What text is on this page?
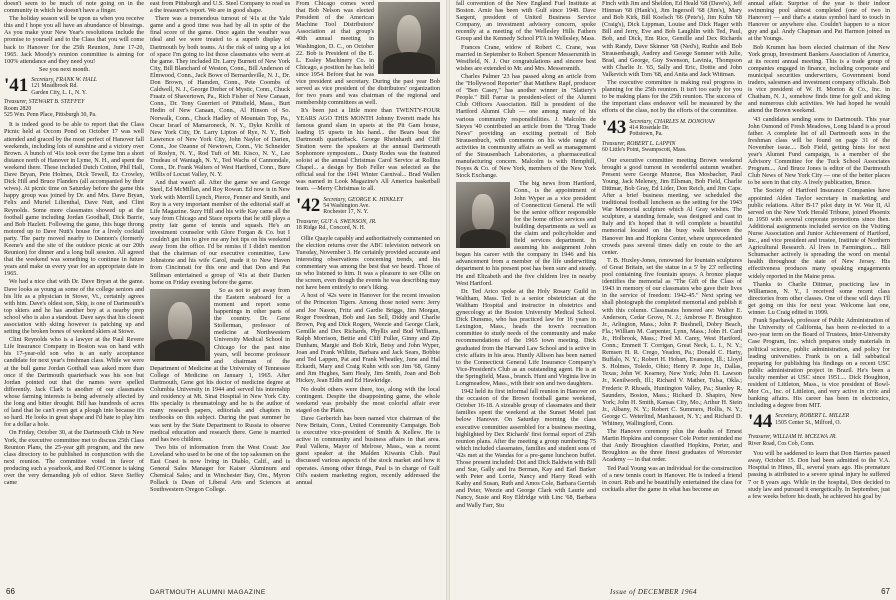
doesn't seem to be much of note going on in the community in which he doesn't have a finger.

The holiday season will be upon us when you receive this and I hope you all have an abundance of blessings. As you make your New Year's resolutions include the promise to yourself and to the Class that you will come back to Hanover for the 25th Reunion, June 17-20, 1965. Jack Moody's reunion committee is aiming for 100% attendance and they need you!

See you next month.

'41 Secretary, FRANK W. HALL
121 Meadbrook Rd.
Garden City, L. I., N. Y.
Treasurer, STEWART B. STEFFEY
Room 2820
525 Wm. Penn Place, Pittsburgh 30, Pa.

It is indeed good to be able to report that the Class Picnic held at Occom Pond on October 17 was well attended and graced by the most perfect of Hanover fall weekends, including lots of sunshine and a victory over Brown. A bunch of '41s took over the Lyme Inn a short distance north of Hanover in Lyme, N. H., and spent the weekend there. These included Dutch Cotton, Phil Hall, Dave Bryan, Pete Holmes, Dick Tewell, Ez Crowley, Dick Hill and Bruce Flanders (all accompanied by their wives). At picnic time on Saturday before the game this happy group was joined by Dr. and Mrs. Dave Bryan, Felix and Muriel Lilienthal, Dave Nutt, and Clint Reynolds. Some more classmates showed up at the football game including Jordan Goodhall, Dick Barrie, and Bob Hazlett. Following the game, this huge throng motored up to Dave Nutt's house for a lively cocktail party. The party moved nearby to Dannon's (formerly Keene's and the site of the outdoor picnic at our 20th Reunion) for dinner and a long bull session. All agreed that the weekend was something to continue in future years and make us every year for an appropriate date in 1965.

We had a nice chat with Dr. Dave Bryan at the game. Dave looks as young as some of the college seniors and his life as a physician in Stowe, Vt., certainly agrees with him. Dave's oldest son, Skip, is one of Dartmouth's top skiers and he has another boy at a nearby prep school who is also a standout. Dave says that his closest association with skiing however is patching up and setting the broken bones of weekend skiers at Stowe.

Clint Reynolds who is a lawyer at the Paul Revere Life Insurance Company in Boston was on hand with his 17-year-old son who is an early acceptance candidate for next year's freshman class. While we were at the bull game Jordan Gotthall was asked more than once if the Dartmouth quarterback was his son but Jordan pointed out that the names were spelled differently. Jack Clark is another of our classmates whose farming interests is being adversely affected by the long and bitter drought. Bill has hundreds of acres of land that he can't even get a plough into because it's so hard. He looks in great shape and I'd hate to play him for a dollar a hole.

On Friday, October 30, at the Dartmouth Club in New York, the executive committee met to discuss 25th Class Reunion Plans, the 25-year gift program, and the new class directory to be published in conjunction with the next reunion. The committee voted in favor of producing such a yearbook, and Red O'Connor is taking over the very demanding job of editor. Steve Steffey came

east from Pittsburgh and U.S. Steel Company to read us a the treasurer's report. We are in good shape.

There was a tremendous turnout of '41s at the Yale game and a good time was had by all in spite of the final score of the game. Once again the weather was ideal and we were treated to a superb display of Dartmouth by both teams. At the risk of using up a lot of space I'm going to list those classmates who were at the game. They included Dr. Larry Burnett of New York City, Bill Blanchard of Weston, Conn., Bill Anderson of Elmwood, Conn., Jack Bowe of Bernardsville, N. J., Dr. Don Brown, of Hamden, Conn., Pete Coombs of Caldwell, N. J., George Dreher of Mystic, Conn., Chuck Fraatz of Shavertown, Pa., Rich Fisher of New Canaan, Conn., Dr. Tony Guerrieri of Pittsfield, Mass., Burt Hedin of New Canaan, Conn., Al Hinson of So. Norwalk, Conn., Chuck Hadley of Mountain Top, Pa., Oscar Israel of Mamaroneck, N. Y., Dyke Krolik of New York City, Dr. Larry Lipton of Rye, N. Y., Bob Lawrence of New York City, John Naylor of Darien, Conn., Joe Ozanne of Newtown, Conn., Vic Schneider of Roslyn, N. Y., Rod Tuft of Mt. Kisco, N. Y., Lee Trudeau of Wantagh, N. Y., Ted Wachs of Cannondale, Conn., Dr. Frank Walters of West Hartford, Conn., Bure Willis of Locust Valley, N. Y.

And that wasn't all. After the game we and George Steel, Ed McMillan, and Roy Rowan. Ed now is in New York with Merrill Lynch, Pierce, Fenner and Smith, and Roy is a very important member of the editorial staff at Life Magazine. Suzy Hill and his wife Kay came all the way from Chicago and Stace reports that he still plays a pretty fair game of tennis and squash. He's an investment counselor with Glore Forgan & Co. but I couldn't get him to give me any hot tips on his weekend away from the office. I'd be remiss if I didn't mention that the chairman of our executive committee, Lew Johnstone and his wife Carol, made it to New Haven from Cincinnati for this one and that Don and Pat Stillman entertained a group of '41s at their Darien home on Friday evening before the game.

So as not to get away from the Eastern seaboard for a moment and report some happenings in other parts of the country. Dr. Gene Stollerman, professor of medicine at Northwestern University Medical School in Chicago for the past nine years, will become professor and chairman of the Department of Medicine at the University of Tennessee College of Medicine on January 1, 1965. After Dartmouth, Gene got his doctor of medicine degree at Columbia University in 1944 and served his internship and residency at Mt. Sinai Hospital in New York City. His specialty is rheumatology and he is the author of many research papers, editorials and chapters in textbooks on this subject. During the past summer he was sent by the State Department to Russia to observe medical education and research there. Gene is married and has two children.

Two bits of information from the West Coast: Joe Loveland who used to be one of the top salesmen on the East Coast is now living in Diablo, Calif., and is General Sales Manager for Kaiser Aluminum and Chemical Sales; and in Winchester Bay, Ore., Myron Pollack is Dean of Liberal Arts and Sciences at Southwestern Oregon College.

From Chicago comes word that Bob Nelson was elected President of the American Machine Tool Distributors' Association at that group's 40th annual meeting in Washington, D. C., on October 22. Bob is President of the E. L. Essley Machinery Co. in Chicago, a position he has held since 1954. Before that he was vice president and secretary. During the past year Bob served as vice president of the distributors' organization for two years and was chairman of the regional and membership committees as well.

It's been just a little more than TWENTY-FOUR YEARS AGO THIS MONTH Johnny Everett made his famous grand slam in upsets at the Pit Gam house, leading 15 upsets in his hand... the Bears beat the Dartmouth quarterback. George Rheinhardt and Cliff Stratton were the speakers at the annual Dartmouth Sophomore symposium... Dusty Rodes was the featured soloist at the annual Christmas Carol Service at Rollins Chapel... a design by Bob Feller was selected as the official seal for the 1941 Winter Carnival... Brad Wallen was named in Look Magazine's All America basketball team. —Merry Christmas to all.

'42 Secretary, GEORGE K. HINKLEY
54 Washington Ave.
Rochester 17, N. Y.
Treasurer, GUY A. SWENSON, JR.
18 Ridge Rd., Concord, N. H.

Ollie Quayle capably and authoritatively commented on the election returns over the ABC television network on Tuesday, November 3. He certainly provided accurate and interesting observations concerning trends, and his commentary was among the best that we heard. Those of us who listened to him. It was a pleasure to see Ollie on the screen, even though the events he was describing may not have been entirely to one's liking.

A host of '42s were in Hanover for the recent invasion of the Princeton Tigers. Among those noted were: Jerry and Joe Nason, Fritz and Gardie Briggs, Jim Morgan, Roger Freedman, Bob and Jan Sell, Diddy and Charlie Brown, Peg and Dick Rogers, Weezie and George Clark, Gemille and Dex Richards, Phyllis and Bud Williams, Ralph Morrison, Bettie and Cliff Fuller, Ginny and Zip Dunham, Margie and Bob Kirk, Betsy and John Wyper, Joan and Frank Wilhite, Barbara and Jack Sears, Bobbie and Ted Lappen, Pat and Frank Wheatley, June and Hal Eckardt, Mary and Craig Kuhn with son Jim '68, Ginny and Jim Hughes, Sam Healy, Jim Smith, Joan and Bob Hickey, Jean Eldin and Ed Hawkridge.

No doubt others were there, too, along with the local contingent. Despite the disappointing game, the whole weekend was probably the most colorful affair ever staged on the Plain.

Dave Gerberich has been named vice chairman of the New Britain, Conn., United Community Campaign. Bob is executive vice-president of Smith & Kellew. He is active in community and business affairs in that area. Paul Vallens, Mayor of Melrose, Mass., was a recent guest speaker at the Malden Kiwanis Club. Paul discussed various aspects of the stock market and how it operates. Among other things, Paul is in charge of Gulf Oil's eastern marketing region, recently addressed the annual

66	DARTMOUTH ALUMNI MAGAZINE

fall convention of the New England Fuel Institute at Boston. Arnie has been with Gulf since 1948. Dave Sargent, president of United Business Service Company, an investment advisory concern, spoke recently at a meeting of the Wellesley Hills Fathers Group and the Kennedy School PTA in Wellesley, Mass.

Frances Crane, widow of Robert C. Crane, was married in September to Robert Spencer Messersmith in Westfield, N. J. Our congratulations and sincere best wishes are extended to Mr. and Mrs. Messersmith.

Charles Palmer '23 has passed along an article from the "Hollywood Reporter" that Matthew Rapf, producer of "Ben Casey," has another winner in "Slattery's People." Bill Farrar is president-elect of the Alumni Club Officers Association. Bill is president of the Hartford Alumni Club — one among many of his various community responsibilities. J. Malcolm de Sieyes '40 contributed an article from the "Drug Trade News" providing an exciting portrait of Bob Strausenbuch, with comments on his wide range of activities in community affairs as well as management of the Strausenbach Laboratories, a pharmaceutical manufacturing concern. Malcolm is with Hemphill, Noyes & Co. of New York, members of the New York Stock Exchange.

The big news from Hartford, Conn., is the appointment of John Wyper as a vice president of Connecticut General. He will be the senior officer responsible for the home office services and building departments as well as the claim and policyholder and field services department. In assuming his assignment John began his career with the company in 1946 and his advancement from a member of the life underwriting department to his present post has been sure and steady. He and Elizabeth and the five children live in nearby West Hartford.

Dr. Ted Arico spoke at the Holy Rosary Guild in Waltham, Mass. Ted is a senior obstetrician at the Waltham Hospital and instructor in obstetrics and gynecology at the Boston University Medical School. Dick Dunsmo, who has practiced law for 16 years in Lexington, Mass., heads the town's recreation committee to study needs of the community and make recommendations of the 1965 town meeting. Dick graduated from the Harvard Law School and is active in civic affairs in his area. Huntly Allison has been named to the Connecticut General Life Insurance Company's Vice-President's Club as an outstanding agent. He is at the Springfield, Mass., branch. Hunt and Virginia live in Longmeadow, Mass., with their son and two daughters.

1942 held its first informal fall reunion in Hanover on the occasion of the Brown football game weekend, October 16-18. A sizeable group of classmates and their families spent the weekend at the Sunset Motel just below Hanover. On Saturday morning the class executive committee assembled for a business meeting, highlighted by Dex Richards' first formal report of 25th reunion plans. After the meeting a group numbering 75 which included classmates, families and student sons of '42s met at the Wandas for a pre-game luncheon buffet. Those present included: Dot and Dick Baldwin with Bill and Sue, Gally and Ira Berman, Kay and Earl Barker with Peter and Lorrie, Nancy and Harry Read with Kathy and Susan, Ruth and Amos Cole, Barbara Gerrish and Peter, Weezie and George Clark with Laurie and Nancy, Susie and Roy Eldridge with Linc '68, Barbara and Wally Farr, Stu

Finch with Jim and Sheldon, Ed Heald '68 (Dave's), Jeff Hinman '68 (Hank's), Jim Ingersoll '68 (Jim's), Mary and Bob Kirk, Bill Koelsch '66 (Pete's), Jim Kuhn '68 (Craig's), Dick Lippman, Louise and Dick Hager with Bill and Jerry, Eve and Bob Laughlin with Ted, Paul, Bob, and Dick, Em Rice, Gemille and Dex Richards with Randy, Dave Skinner '68 (Ned's), Ruthie and Bob Strausenbaugh, Audrey and George Sumner with Julie, Brad, and George, Guy Swenson, Lavinia, Thompson with Charlie Jr. '65, Sally and Eric, Dottie and John Valkevich with Tom '68, and Anita and Jack Wittman.

The executive committee is making real progress in planning for the 25th reunion. It isn't too early for you to be making plans for the 25th reunion. The success of the important class endeavor will be measured by the efforts of the class, not by the efforts of the committee.

'43 Secretary, CHARLES M. DONOVAN
414 Rosedale Dr.
Pottstown, Pa.
Treasurer, ROBERT L. LAPPIN
60 Little's Point, Swampscott, Mass.

Our executive committee meeting Brown weekend brought a good turnout in wonderful autumn weather. Present were George Munroe, Bus Mosbacher, Paul Young, Jack Meleney, Jim Ellsman, Bob Field, Charlie Dittmar, Bob Gray, Ed Lider, Don Reich, and Jim Caps. After a brief business meeting, we scheduled the traditional football luncheon as the setting for the 1943 War Memorial sculpture which Al Gray wishes. The sculpture, a standing female, was designed and cast in Italy and it's hoped that it will complete a beautiful memorial located on the busy walk between the Hanover Inn and Hopkins Center, where unprecedented crowds pass several times daily en route to the art center.

T. B. Huxley-Jones, renowned for fountain sculptures of Great Britain, set the statue in a 5' by 23' reflecting pool containing five fountain sprays. A bronze plaque identifies the memorial as "The Gift of the Class of 1943 in memory of our classmates who gave their lives in the service of freedom: 1942-45." Next spring we shall photograph the completed memorial and publish it with this column. Classmates honored are: Walter E. Anderson, Cedar Grove, N. J.; Ambrose F. Broughton Jr., Arlington, Mass.; John P. Bushnell, Dobry Beach, Fla.; William M. Carpenter, Lynn, Mass.; John H. Card Jr., Holbrook, Mass.; Fred M. Carey, West Hartford, Conn.; Emmett T. Corrigan, Great Neck, L. I., N. Y.; Remsen H. R. Crego, Yeadon, Pa.; Donald C. Harty, Buffalo, N. Y.; Robert H. Hobart, Evanston, Ill.; Lloyd S. Holmes, Toledo, Ohio; Henry P. Jope Jr., Dallas, Texas; John W. Kearney, New York; John H. Lawson Jr., Kenilworth, Ill.; Richard V. Mather, Tulsa, Okla.; Frederic P. Rhoads, Huntington Valley, Pa.; Stanley R. Saunders, Boston, Mass.; Richard D. Shapiro, New York; John H. Smith, Kansas City, Mo.; Arthur H. Stein Jr., Albany, N. Y.; Robert C. Summers, Hollis, N. Y.; George C. Weterlind, Manhasset, N. Y.; and Richard D. Whitney, Wallingford, Conn.

The Hanover ceremony plus the deaths of Ernest Martin Hopkins and composer Cole Porter reminded me that Andy Broughton classified Hopkins, Porter, and Broughton as the three finest graduates of Worcester Academy — in that order.

Ted Paul Young was an individual for the construction of a new tennis court in Hanover. He is indeed a friend in court. Rub and he beautifully entertained the class for cocktails after the game in what has become an

annual affair. Surprise of the year is their indoor swimming pool almost completed (one of two in Hanover) — and that's a status symbol hard to touch in Hanover or anywhere else. Couldn't happen to a nicer guy and gal. Andy Chapman and Pat Harmon joined us at the Youngs.

Bob Krumm has been elected chairman of the New York group, Investment Bankers Association of America, at its recent annual meeting. This is a trade group of companies engaged in finance, including corporate and municipal securities underwriters, Government bond traders, salesmen and investment company officials. Bob is vice president of W. H. Morton & Co., Inc. in Chatham, N. J., somehow finds time for golf and skiing and numerous club activities. We had hoped he would attend the Brown weekend.

'43 candidates sending sons to Dartmouth. This year John Osmond of Fresh Meadows, Long Island is a proud father. A complete list of all Dartmouth sons in the freshman class will be found on page 31 of the November issue.... Bob Field, getting hints for next year's Alumni Fund campaign, is a member of the Advisory Committee for the Tuck School Associates Program.... And Bruce Jones is editor of the Dartmouth Club News of New York City — one of the better places to be seen in that city. A lively publication, Bruce.

The Society of Hartford Insurance Companies have appointed Alden Taylor secretary in marketing and public relations. After B-17 pilot duty in W. War II, Al served on the New York Herald Tribune, joined Phoenix in 1950 with several corporate promotions since then. Additional assignments included service on the Visiting Nurse Association and Junior Achievement of Hartford, Inc., and vice president and trustee, Institute of Northern Agricultural Research. Al lives in Farmington.... Bill Schumacher actively is spreading the word on mental health throughout the state of New Jersey. His effectiveness produces many speaking engagements widely reported in the Maine press.

Thanks to Charlie Dittmar, practicing law in Williamson, N. Y., I received some recent class directories from other classes. One of these will days I'll get going on this for next year. Welcome last one, winner. Lu Craig edited in 1999.

Frank Sparhawk, professor of Public Administration of the University of California, has been re-elected to a two-year term on the Board of Trustees, Inter-University Case Program, Inc. which prepares study materials in political science, public administration, and policy for leading universities. Frank is on a fall sabbatical preparing for publishing his findings on a recent USC public administration project in Brazil. He's been a faculty member at USC since 1951.... Dick Houghton, resident of Littleton, Mass., is vice president of Bowl-Mor Co., Inc. of Littleton, and very active in civic and banking affairs. His career has been in electronics, including a degree from MIT.

'44 Secretary, ROBERT L. MILLER
1505 Center St., Milford, O.
Treasurer, WILLIAM H. MCELWA JR.
River Road, Cos Cob, Conn.

You will be saddened to learn that Don Harries passed away, October 15. Don had been admitted to the V.A. Hospital in Hines, Ill., several years ago. His premature passing is attributed to a severe spinal injury he suffered 7 or 8 years ago. While in the hospital, Don decided to study law and pursued it energetically. In September, just a few weeks before his death, he achieved his goal by

Issue of DECEMBER 1964	67
